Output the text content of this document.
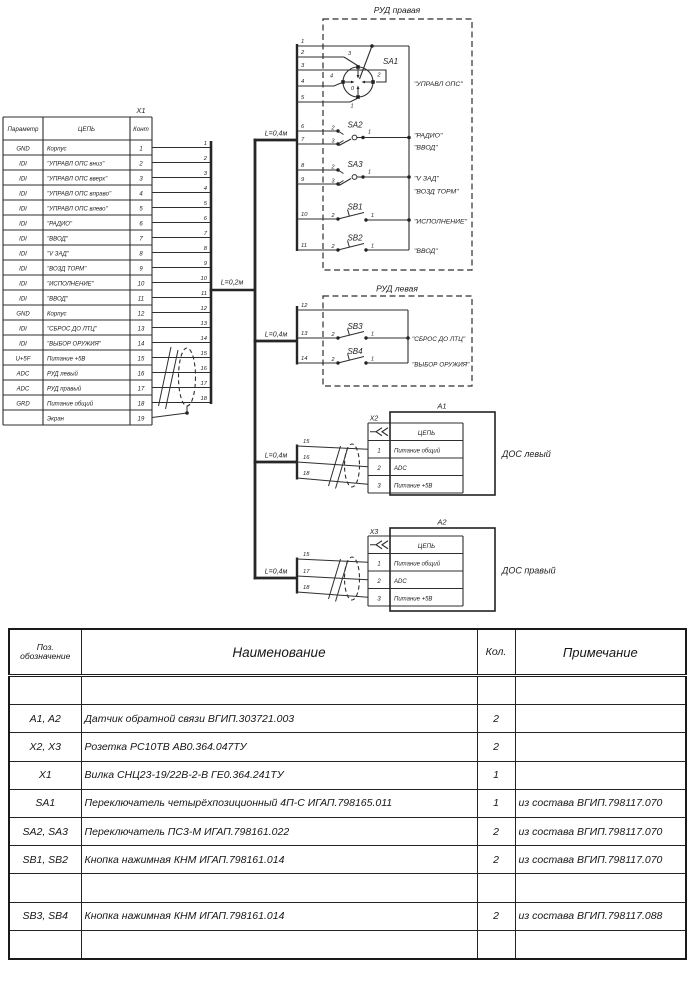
X1
Параметр	ЦЕПЬ	Конт
GND	Корпус	1
IDI	"УПРАВЛ ОПС вниз"	2
IDI	"УПРАВЛ ОПС вверх"	3
IDI	"УПРАВЛ ОПС вправо"	4
IDI	"УПРАВЛ ОПС влево"	5
IDI	"РАДИО"	6
IDI	"ВВОД"	7
IDI	"V ЗАД"	8
IDI	"ВОЗД ТОРМ"	9
IDI	"ИСПОЛНЕНИЕ"	10
IDI	"ВВОД"	11
GND	Корпус	12
IDI	"СБРОС ДО ЛТЦ"	13
IDI	"ВЫБОР ОРУЖИЯ"	14
U+5F	Питание +5В	15
ADC	РУД левый	16
ADC	РУД правый	17
GRD	Питание общий	18
Экран	19
1
2
3
4
5
6
7
8
9
10
11
12
13
14
15
16
17
18
L=0,2м
L=0,4м
L=0,4м
L=0,4м
L=0,4м
РУД правая
1
2
3
4
5
6
7
8
9
10
11
SA1
3
2
4
1
0
SA2
2
3
1
SA3
2
3
1
SB1
2	1
SB2
2	1
"УПРАВЛ ОПС"
"РАДИО"
"ВВОД"
"V ЗАД"
"ВОЗД ТОРМ"
"ИСПОЛНЕНИЕ"
"ВВОД"
РУД левая
12
13
14
SB3
2	1
SB4
2	1
"СБРОС ДО ЛТЦ"
"ВЫБОР ОРУЖИЯ"
A1
X2
ДОС левый
ЦЕПЬ
1 Питание общий
2 ADC
3 Питание +5В
15
16
18
A2
X3
ДОС правый
ЦЕПЬ
1 Питание общий
2 ADC
3 Питание +5В
15
17
18
Поз.
обозначение	Наименование	Кол.	Примечание

A1, A2	Датчик обратной связи ВГИП.303721.003	2	
X2, X3	Розетка РС10ТВ АВ0.364.047ТУ	2	
X1	Вилка СНЦ23-19/22В-2-В ГЕ0.364.241ТУ	1	
SA1	Переключатель четырёхпозиционный 4П-С ИГАП.798165.011	1	из состава ВГИП.798117.070
SA2, SA3	Переключатель ПС3-М ИГАП.798161.022	2	из состава ВГИП.798117.070
SB1, SB2	Кнопка нажимная КНМ ИГАП.798161.014	2	из состава ВГИП.798117.070

SB3, SB4	Кнопка нажимная КНМ ИГАП.798161.014	2	из состава ВГИП.798117.088
